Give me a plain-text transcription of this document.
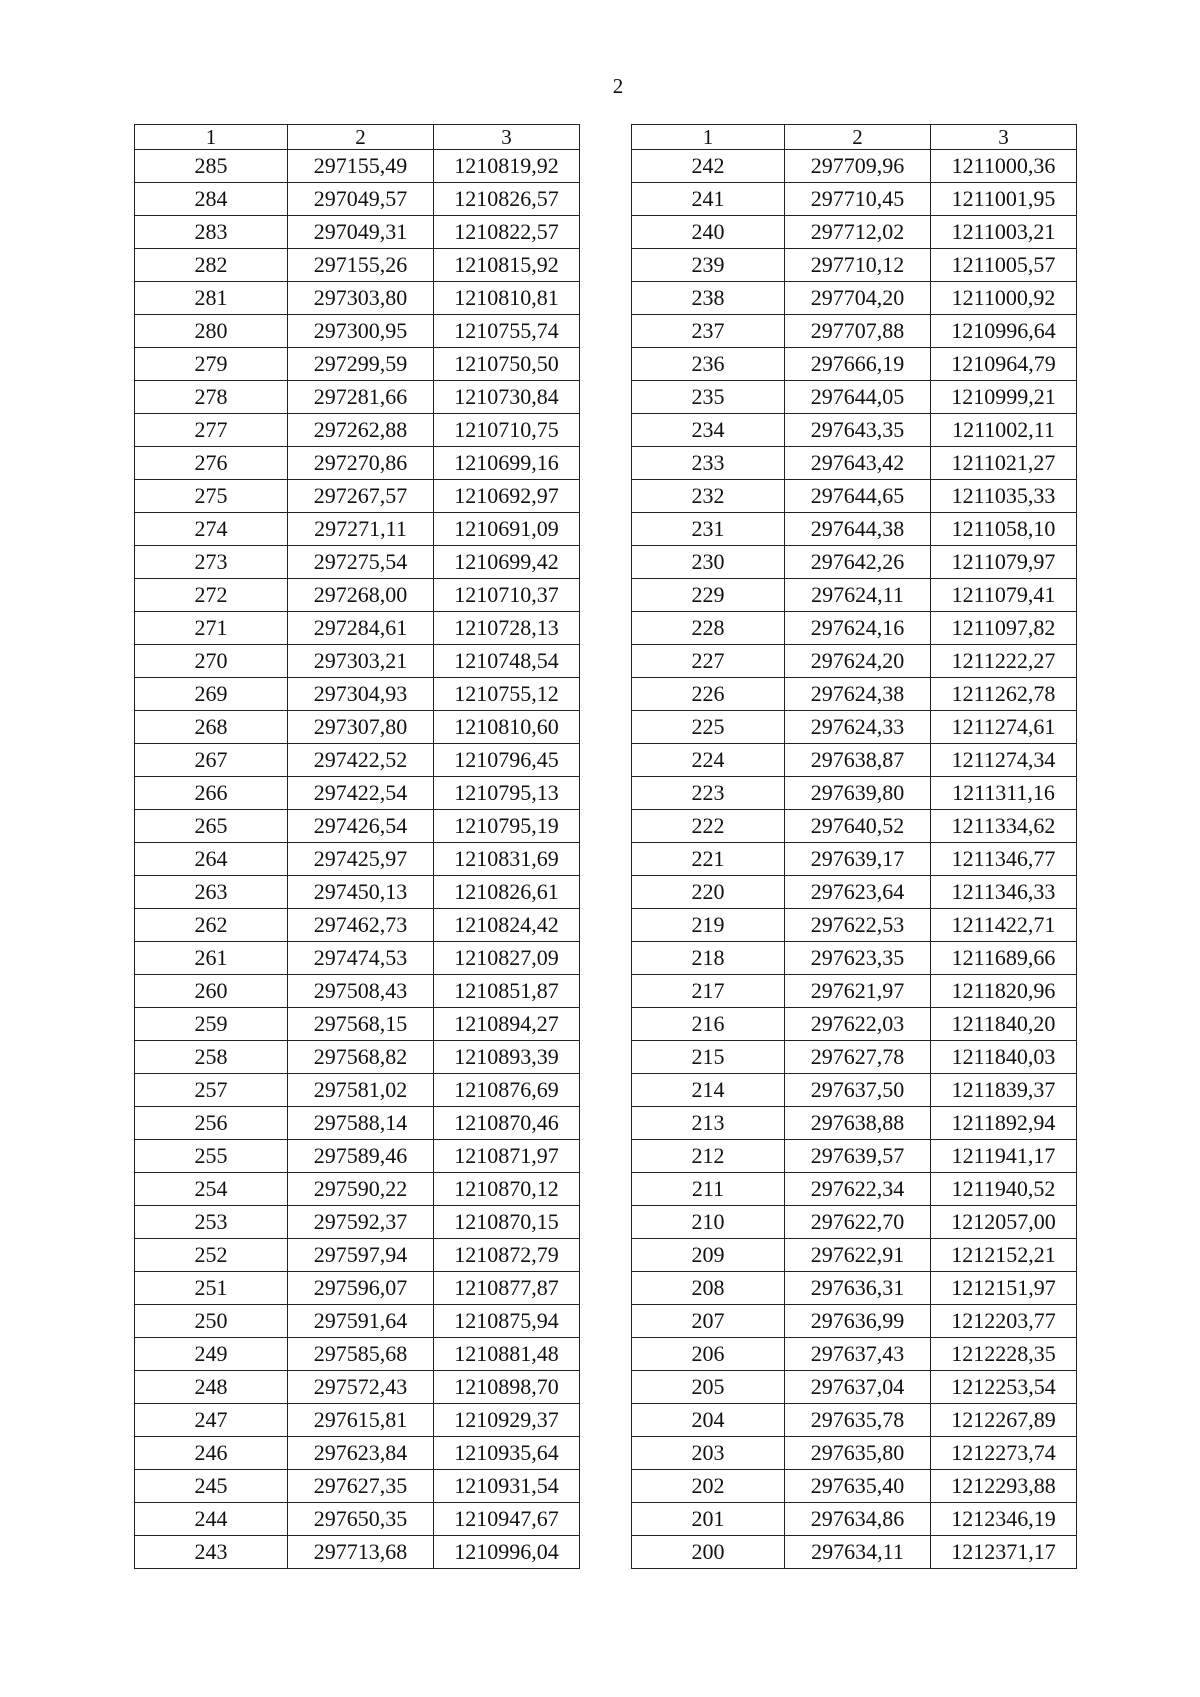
2
1	2	3
285	297155,49	1210819,92
284	297049,57	1210826,57
283	297049,31	1210822,57
282	297155,26	1210815,92
281	297303,80	1210810,81
280	297300,95	1210755,74
279	297299,59	1210750,50
278	297281,66	1210730,84
277	297262,88	1210710,75
276	297270,86	1210699,16
275	297267,57	1210692,97
274	297271,11	1210691,09
273	297275,54	1210699,42
272	297268,00	1210710,37
271	297284,61	1210728,13
270	297303,21	1210748,54
269	297304,93	1210755,12
268	297307,80	1210810,60
267	297422,52	1210796,45
266	297422,54	1210795,13
265	297426,54	1210795,19
264	297425,97	1210831,69
263	297450,13	1210826,61
262	297462,73	1210824,42
261	297474,53	1210827,09
260	297508,43	1210851,87
259	297568,15	1210894,27
258	297568,82	1210893,39
257	297581,02	1210876,69
256	297588,14	1210870,46
255	297589,46	1210871,97
254	297590,22	1210870,12
253	297592,37	1210870,15
252	297597,94	1210872,79
251	297596,07	1210877,87
250	297591,64	1210875,94
249	297585,68	1210881,48
248	297572,43	1210898,70
247	297615,81	1210929,37
246	297623,84	1210935,64
245	297627,35	1210931,54
244	297650,35	1210947,67
243	297713,68	1210996,04
1	2	3
242	297709,96	1211000,36
241	297710,45	1211001,95
240	297712,02	1211003,21
239	297710,12	1211005,57
238	297704,20	1211000,92
237	297707,88	1210996,64
236	297666,19	1210964,79
235	297644,05	1210999,21
234	297643,35	1211002,11
233	297643,42	1211021,27
232	297644,65	1211035,33
231	297644,38	1211058,10
230	297642,26	1211079,97
229	297624,11	1211079,41
228	297624,16	1211097,82
227	297624,20	1211222,27
226	297624,38	1211262,78
225	297624,33	1211274,61
224	297638,87	1211274,34
223	297639,80	1211311,16
222	297640,52	1211334,62
221	297639,17	1211346,77
220	297623,64	1211346,33
219	297622,53	1211422,71
218	297623,35	1211689,66
217	297621,97	1211820,96
216	297622,03	1211840,20
215	297627,78	1211840,03
214	297637,50	1211839,37
213	297638,88	1211892,94
212	297639,57	1211941,17
211	297622,34	1211940,52
210	297622,70	1212057,00
209	297622,91	1212152,21
208	297636,31	1212151,97
207	297636,99	1212203,77
206	297637,43	1212228,35
205	297637,04	1212253,54
204	297635,78	1212267,89
203	297635,80	1212273,74
202	297635,40	1212293,88
201	297634,86	1212346,19
200	297634,11	1212371,17
